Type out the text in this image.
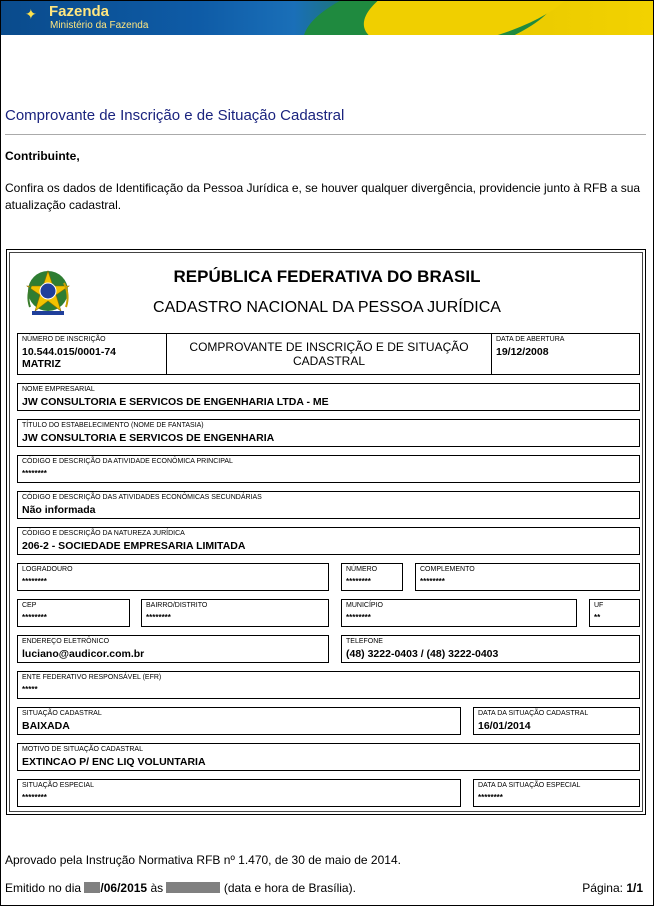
✦ Fazenda
Ministério da Fazenda
Comprovante de Inscrição e de Situação Cadastral
Contribuinte,
Confira os dados de Identificação da Pessoa Jurídica e, se houver qualquer divergência, providencie junto à RFB a sua atualização cadastral.
REPÚBLICA FEDERATIVA DO BRASIL
CADASTRO NACIONAL DA PESSOA JURÍDICA
NÚMERO DE INSCRIÇÃO
10.544.015/0001-74
MATRIZ
COMPROVANTE DE INSCRIÇÃO E DE SITUAÇÃO CADASTRAL
DATA DE ABERTURA
19/12/2008
NOME EMPRESARIAL
JW CONSULTORIA E SERVICOS DE ENGENHARIA LTDA - ME
TÍTULO DO ESTABELECIMENTO (NOME DE FANTASIA)
JW CONSULTORIA E SERVICOS DE ENGENHARIA
CÓDIGO E DESCRIÇÃO DA ATIVIDADE ECONÔMICA PRINCIPAL
********
CÓDIGO E DESCRIÇÃO DAS ATIVIDADES ECONÔMICAS SECUNDÁRIAS
Não informada
CÓDIGO E DESCRIÇÃO DA NATUREZA JURÍDICA
206-2 - SOCIEDADE EMPRESARIA LIMITADA
LOGRADOURO
********
NÚMERO
********
COMPLEMENTO
********
CEP
********
BAIRRO/DISTRITO
********
MUNICÍPIO
********
UF
**
ENDEREÇO ELETRÔNICO
luciano@audicor.com.br
TELEFONE
(48) 3222-0403 / (48) 3222-0403
ENTE FEDERATIVO RESPONSÁVEL (EFR)
*****
SITUAÇÃO CADASTRAL
BAIXADA
DATA DA SITUAÇÃO CADASTRAL
16/01/2014
MOTIVO DE SITUAÇÃO CADASTRAL
EXTINCAO P/ ENC LIQ VOLUNTARIA
SITUAÇÃO ESPECIAL
********
DATA DA SITUAÇÃO ESPECIAL
********
Aprovado pela Instrução Normativa RFB nº 1.470, de 30 de maio de 2014.
Emitido no dia /06/2015 às	(data e hora de Brasília).	Página: 1/1
